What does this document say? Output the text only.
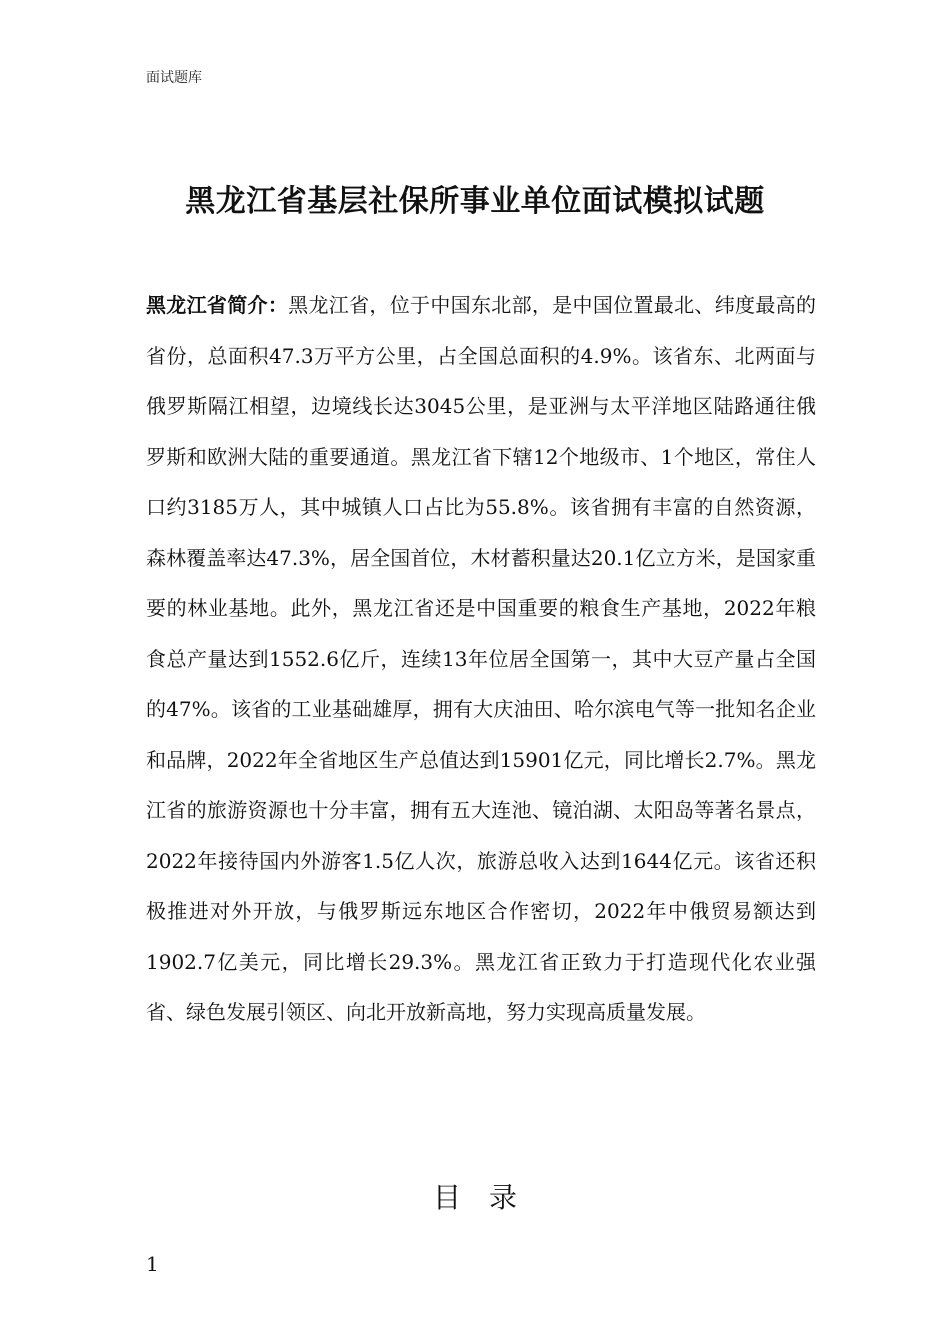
面试题库
黑龙江省基层社保所事业单位面试模拟试题

黑龙江省简介：黑龙江省，位于中国东北部，是中国位置最北、纬度最高的省份，总面积47.3万平方公里，占全国总面积的4.9%。该省东、北两面与俄罗斯隔江相望，边境线长达3045公里，是亚洲与太平洋地区陆路通往俄罗斯和欧洲大陆的重要通道。黑龙江省下辖12个地级市、1个地区，常住人口约3185万人，其中城镇人口占比为55.8%。该省拥有丰富的自然资源，森林覆盖率达47.3%，居全国首位，木材蓄积量达20.1亿立方米，是国家重要的林业基地。此外，黑龙江省还是中国重要的粮食生产基地，2022年粮食总产量达到1552.6亿斤，连续13年位居全国第一，其中大豆产量占全国的47%。该省的工业基础雄厚，拥有大庆油田、哈尔滨电气等一批知名企业和品牌，2022年全省地区生产总值达到15901亿元，同比增长2.7%。黑龙江省的旅游资源也十分丰富，拥有五大连池、镜泊湖、太阳岛等著名景点，2022年接待国内外游客1.5亿人次，旅游总收入达到1644亿元。该省还积极推进对外开放，与俄罗斯远东地区合作密切，2022年中俄贸易额达到1902.7亿美元，同比增长29.3%。黑龙江省正致力于打造现代化农业强省、绿色发展引领区、向北开放新高地，努力实现高质量发展。

目　录
1
